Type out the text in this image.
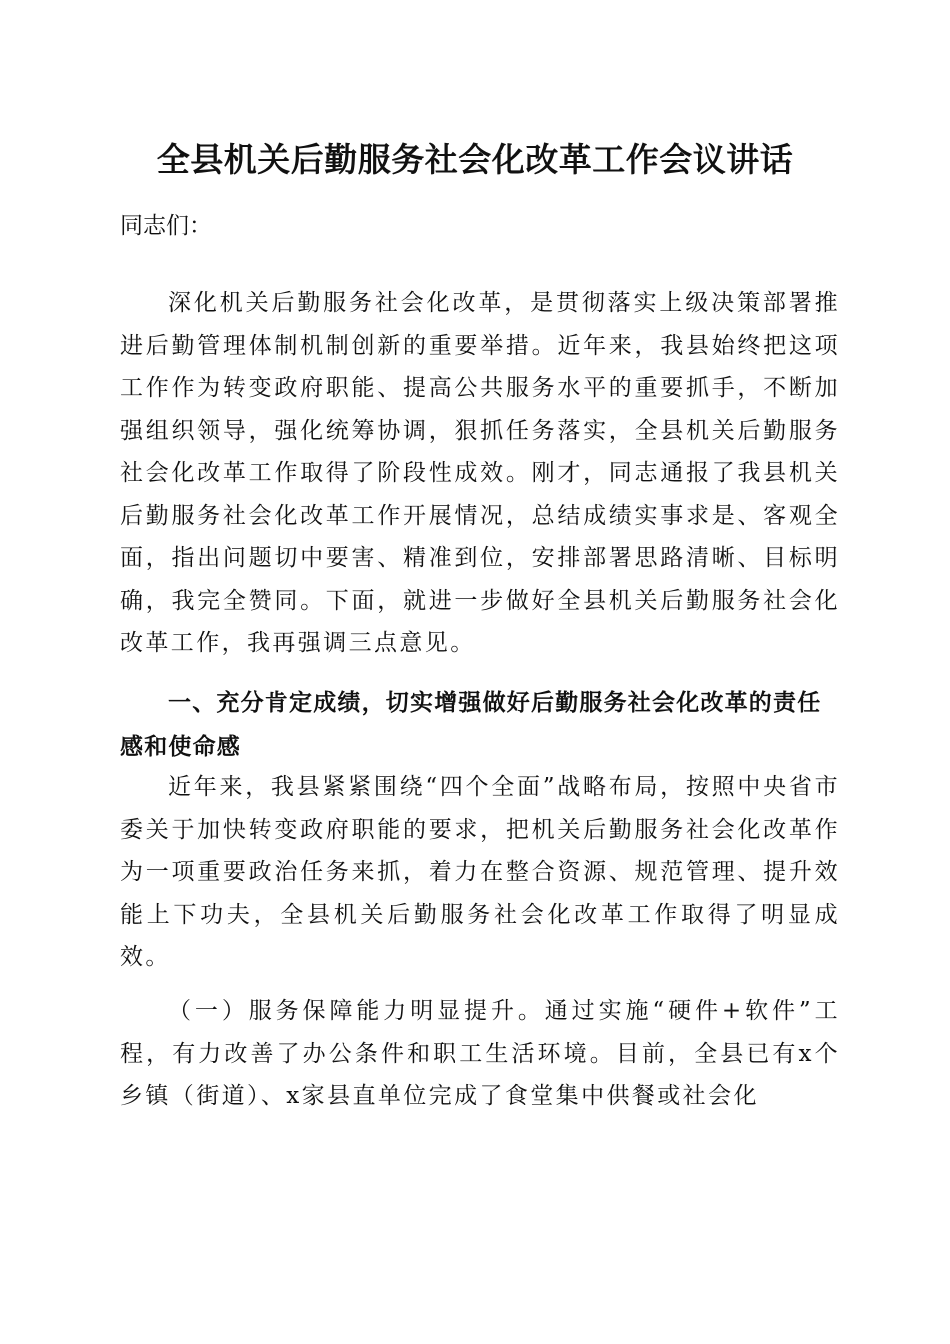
全县机关后勤服务社会化改革工作会议讲话

同志们：

深化机关后勤服务社会化改革，是贯彻落实上级决策部署推进后勤管理体制机制创新的重要举措。近年来，我县始终把这项工作作为转变政府职能、提高公共服务水平的重要抓手，不断加强组织领导，强化统筹协调，狠抓任务落实，全县机关后勤服务社会化改革工作取得了阶段性成效。刚才，同志通报了我县机关后勤服务社会化改革工作开展情况，总结成绩实事求是、客观全面，指出问题切中要害、精准到位，安排部署思路清晰、目标明确，我完全赞同。下面，就进一步做好全县机关后勤服务社会化改革工作，我再强调三点意见。

一、充分肯定成绩，切实增强做好后勤服务社会化改革的责任感和使命感

近年来，我县紧紧围绕“四个全面”战略布局，按照中央省市委关于加快转变政府职能的要求，把机关后勤服务社会化改革作为一项重要政治任务来抓，着力在整合资源、规范管理、提升效能上下功夫，全县机关后勤服务社会化改革工作取得了明显成效。

（一）服务保障能力明显提升。通过实施“硬件+软件”工程，有力改善了办公条件和职工生活环境。目前，全县已有x个乡镇（街道）、x家县直单位完成了食堂集中供餐或社会化
